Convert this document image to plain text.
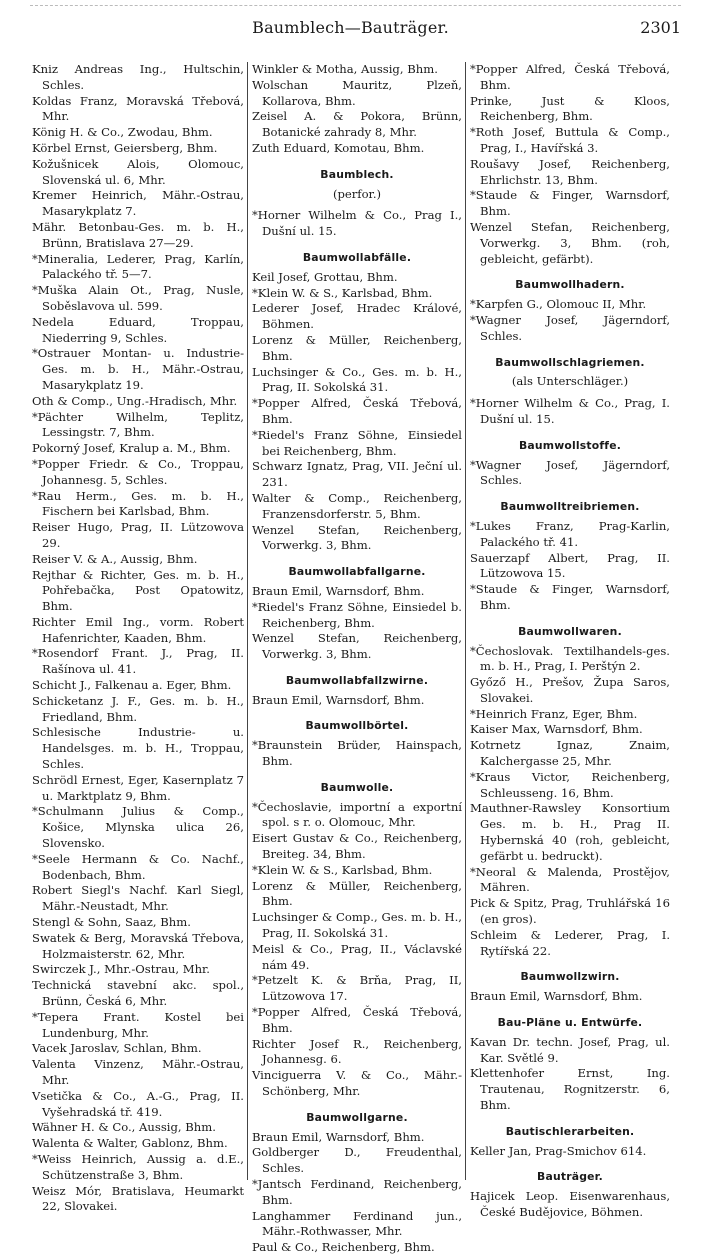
Baumblech—Bauträger.	2301
Kniz Andreas Ing., Hultschin, Schles.
Koldas Franz, Moravská Třebová, Mhr.
König H. & Co., Zwodau, Bhm.
Körbel Ernst, Geiersberg, Bhm.
Kožušnicek Alois, Olomouc, Slovenská ul. 6, Mhr.
Kremer Heinrich, Mähr.-Ostrau, Masarykplatz 7.
Mähr. Betonbau-Ges. m. b. H., Brünn, Bratislava 27—29.
*Mineralia, Lederer, Prag, Karlín, Palackého tř. 5—7.
*Muška Alain Ot., Prag, Nusle, Soběslavova ul. 599.
Nedela Eduard, Troppau, Niederring 9, Schles.
*Ostrauer Montan- u. Industrie-Ges. m. b. H., Mähr.-Ostrau, Masarykplatz 19.
Oth & Comp., Ung.-Hradisch, Mhr.
*Pächter Wilhelm, Teplitz, Lessingstr. 7, Bhm.
Pokorný Josef, Kralup a. M., Bhm.
*Popper Friedr. & Co., Troppau, Johannesg. 5, Schles.
*Rau Herm., Ges. m. b. H., Fischern bei Karlsbad, Bhm.
Reiser Hugo, Prag, II. Lützowova 29.
Reiser V. & A., Aussig, Bhm.
Rejthar & Richter, Ges. m. b. H., Pohřebačka, Post Opatowitz, Bhm.
Richter Emil Ing., vorm. Robert Hafenrichter, Kaaden, Bhm.
*Rosendorf Frant. J., Prag, II. Rašínova ul. 41.
Schicht J., Falkenau a. Eger, Bhm.
Schicketanz J. F., Ges. m. b. H., Friedland, Bhm.
Schlesische Industrie- u. Handelsges. m. b. H., Troppau, Schles.
Schrödl Ernest, Eger, Kasernplatz 7 u. Marktplatz 9, Bhm.
*Schulmann Julius & Comp., Košice, Mlynska ulica 26, Slovensko.
*Seele Hermann & Co. Nachf., Bodenbach, Bhm.
Robert Siegl's Nachf. Karl Siegl, Mähr.-Neustadt, Mhr.
Stengl & Sohn, Saaz, Bhm.
Swatek & Berg, Moravská Třebova, Holzmaisterstr. 62, Mhr.
Swirczek J., Mhr.-Ostrau, Mhr.
Technická stavební akc. spol., Brünn, Česká 6, Mhr.
*Tepera Frant. Kostel bei Lundenburg, Mhr.
Vacek Jaroslav, Schlan, Bhm.
Valenta Vinzenz, Mähr.-Ostrau, Mhr.
Vsetička & Co., A.-G., Prag, II. Vyšehradská tř. 419.
Wähner H. & Co., Aussig, Bhm.
Walenta & Walter, Gablonz, Bhm.
*Weiss Heinrich, Aussig a. d.E., Schützenstraße 3, Bhm.
Weisz Mór, Bratislava, Heumarkt 22, Slovakei.
Winkler & Motha, Aussig, Bhm.
Wolschan Mauritz, Plzeň, Kollarova, Bhm.
Zeisel A. & Pokora, Brünn, Botanické zahrady 8, Mhr.
Zuth Eduard, Komotau, Bhm.
Baumblech.
(perfor.)
*Horner Wilhelm & Co., Prag I., Dušní ul. 15.
Baumwollabfälle.
Keil Josef, Grottau, Bhm.
*Klein W. & S., Karlsbad, Bhm.
Lederer Josef, Hradec Králové, Böhmen.
Lorenz & Müller, Reichenberg, Bhm.
Luchsinger & Co., Ges. m. b. H., Prag, II. Sokolská 31.
*Popper Alfred, Česká Třebová, Bhm.
*Riedel's Franz Söhne, Einsiedel bei Reichenberg, Bhm.
Schwarz Ignatz, Prag, VII. Ječní ul. 231.
Walter & Comp., Reichenberg, Franzensdorferstr. 5, Bhm.
Wenzel Stefan, Reichenberg, Vorwerkg. 3, Bhm.
Baumwollabfallgarne.
Braun Emil, Warnsdorf, Bhm.
*Riedel's Franz Söhne, Einsiedel b. Reichenberg, Bhm.
Wenzel Stefan, Reichenberg, Vorwerkg. 3, Bhm.
Baumwollabfallzwirne.
Braun Emil, Warnsdorf, Bhm.
Baumwollbörtel.
*Braunstein Brüder, Hainspach, Bhm.
Baumwolle.
*Čechoslavie, importní a exportní spol. s r. o. Olomouc, Mhr.
Eisert Gustav & Co., Reichenberg, Breiteg. 34, Bhm.
*Klein W. & S., Karlsbad, Bhm.
Lorenz & Müller, Reichenberg, Bhm.
Luchsinger & Comp., Ges. m. b. H., Prag, II. Sokolská 31.
Meisl & Co., Prag, II., Václavské nám 49.
*Petzelt K. & Brňa, Prag, II, Lützowova 17.
*Popper Alfred, Česká Třebová, Bhm.
Richter Josef R., Reichenberg, Johannesg. 6.
Vinciguerra V. & Co., Mähr.-Schönberg, Mhr.
Baumwollgarne.
Braun Emil, Warnsdorf, Bhm.
Goldberger D., Freudenthal, Schles.
*Jantsch Ferdinand, Reichenberg, Bhm.
Langhammer Ferdinand jun., Mähr.-Rothwasser, Mhr.
Paul & Co., Reichenberg, Bhm.
*Popper Alfred, Česká Třebová, Bhm.
Prinke, Just & Kloos, Reichenberg, Bhm.
*Roth Josef, Buttula & Comp., Prag, I., Havířská 3.
Roušavy Josef, Reichenberg, Ehrlichstr. 13, Bhm.
*Staude & Finger, Warnsdorf, Bhm.
Wenzel Stefan, Reichenberg, Vorwerkg. 3, Bhm. (roh, gebleicht, gefärbt).
Baumwollhadern.
*Karpfen G., Olomouc II, Mhr.
*Wagner Josef, Jägerndorf, Schles.
Baumwollschlagriemen.
(als Unterschläger.)
*Horner Wilhelm & Co., Prag, I. Dušní ul. 15.
Baumwollstoffe.
*Wagner Josef, Jägerndorf, Schles.
Baumwolltreibriemen.
*Lukes Franz, Prag-Karlin, Palackého tř. 41.
Sauerzapf Albert, Prag, II. Lützowova 15.
*Staude & Finger, Warnsdorf, Bhm.
Baumwollwaren.
*Čechoslovak. Textilhandels-ges. m. b. H., Prag, I. Perštýn 2.
Győző H., Prešov, Župa Saros, Slovakei.
*Heinrich Franz, Eger, Bhm.
Kaiser Max, Warnsdorf, Bhm.
Kotrnetz Ignaz, Znaim, Kalchergasse 25, Mhr.
*Kraus Victor, Reichenberg, Schleusseng. 16, Bhm.
Mauthner-Rawsley Konsortium Ges. m. b. H., Prag II. Hybernská 40 (roh, gebleicht, gefärbt u. bedruckt).
*Neoral & Malenda, Prostějov, Mähren.
Pick & Spitz, Prag, Truhlářská 16 (en gros).
Schleim & Lederer, Prag, I. Rytířská 22.
Baumwollzwirn.
Braun Emil, Warnsdorf, Bhm.
Bau-Pläne u. Entwürfe.
Kavan Dr. techn. Josef, Prag, ul. Kar. Světlé 9.
Klettenhofer Ernst, Ing. Trautenau, Rognitzerstr. 6, Bhm.
Bautischlerarbeiten.
Keller Jan, Prag-Smichov 614.
Bauträger.
Hajicek Leop. Eisenwarenhaus, České Budějovice, Böhmen.
